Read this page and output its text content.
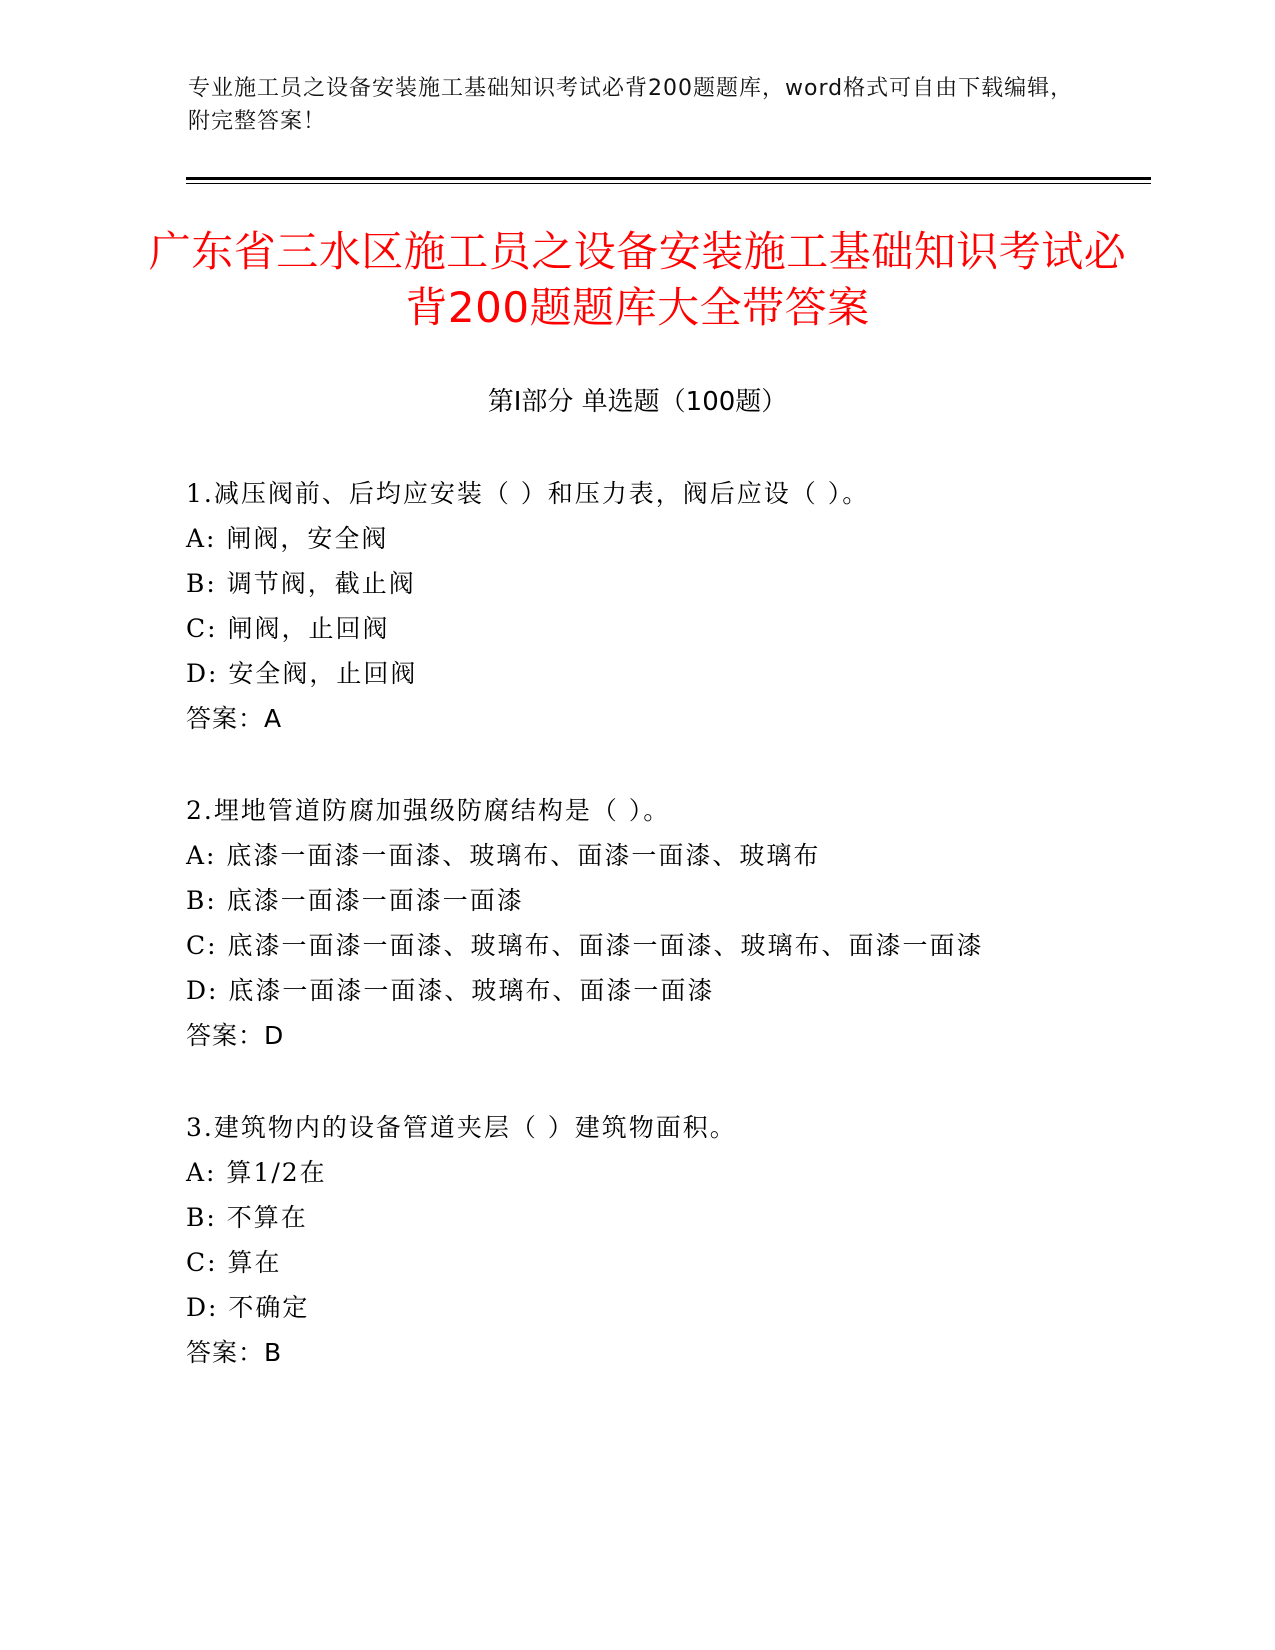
专业施工员之设备安装施工基础知识考试必背200题题库，word格式可自由下载编辑，附完整答案！
广东省三水区施工员之设备安装施工基础知识考试必背200题题库大全带答案
第Ⅰ部分 单选题（100题）
1.减压阀前、后均应安装（ ）和压力表，阀后应设（ ）。
A: 闸阀，安全阀
B: 调节阀，截止阀
C: 闸阀，止回阀
D: 安全阀，止回阀
答案：A
2.埋地管道防腐加强级防腐结构是（ ）。
A: 底漆一面漆一面漆、玻璃布、面漆一面漆、玻璃布
B: 底漆一面漆一面漆一面漆
C: 底漆一面漆一面漆、玻璃布、面漆一面漆、玻璃布、面漆一面漆
D: 底漆一面漆一面漆、玻璃布、面漆一面漆
答案：D
3.建筑物内的设备管道夹层（ ）建筑物面积。
A: 算1/2在
B: 不算在
C: 算在
D: 不确定
答案：B
